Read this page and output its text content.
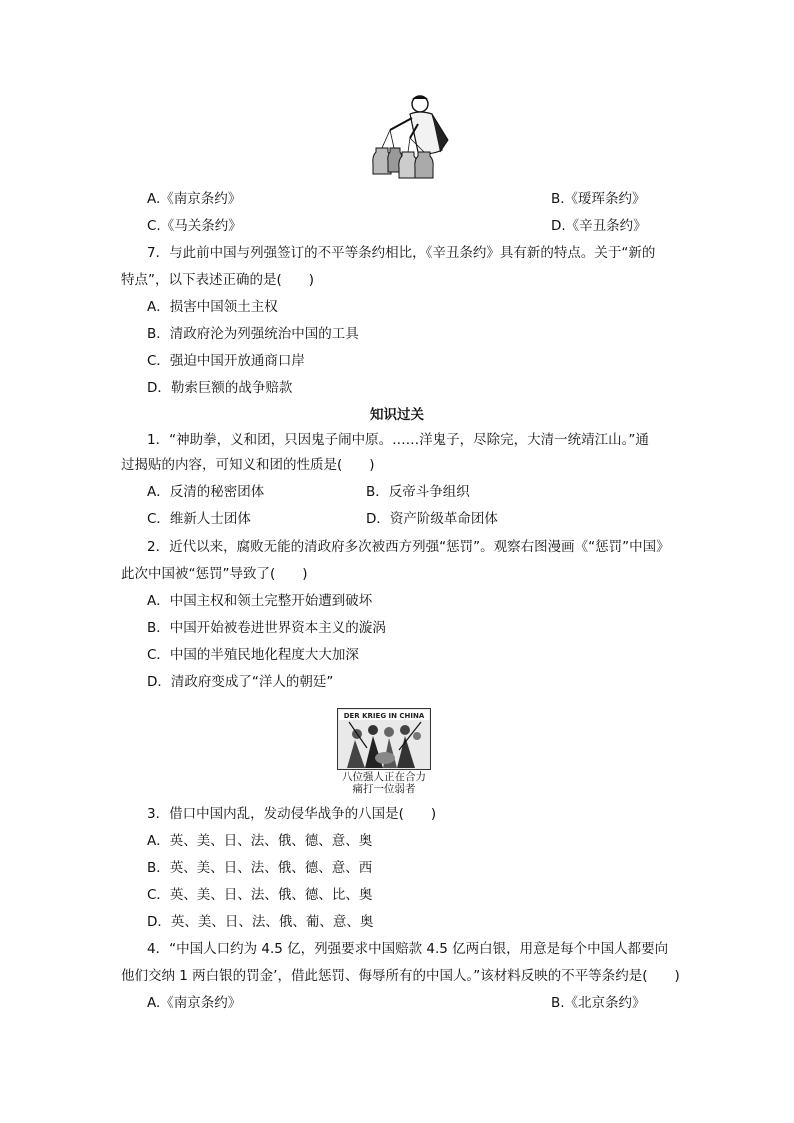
A.《南京条约》	B.《瑷珲条约》
C.《马关条约》	D.《辛丑条约》
7．与此前中国与列强签订的不平等条约相比，《辛丑条约》具有新的特点。关于“新的
特点”，以下表述正确的是(　　)
A．损害中国领土主权
B．清政府沦为列强统治中国的工具
C．强迫中国开放通商口岸
D．勒索巨额的战争赔款
知识过关
1．“神助拳，义和团，只因鬼子闹中原。……洋鬼子，尽除完，大清一统靖江山。”通
过揭贴的内容，可知义和团的性质是(　　)
A．反清的秘密团体	B．反帝斗争组织
C．维新人士团体	D．资产阶级革命团体
2．近代以来，腐败无能的清政府多次被西方列强“惩罚”。观察右图漫画《“惩罚”中国》
此次中国被“惩罚”导致了(　　)
A．中国主权和领土完整开始遭到破坏
B．中国开始被卷进世界资本主义的漩涡
C．中国的半殖民地化程度大大加深
D．清政府变成了“洋人的朝廷”
DER KRIEG IN CHINA
八位强人正在合力
痛打一位弱者
3．借口中国内乱，发动侵华战争的八国是(　　)
A．英、美、日、法、俄、德、意、奥
B．英、美、日、法、俄、德、意、西
C．英、美、日、法、俄、德、比、奥
D．英、美、日、法、俄、葡、意、奥
4．“中国人口约为 4.5 亿，列强要求中国赔款 4.5 亿两白银，用意是每个中国人都要向
他们交纳 1 两白银的罚金’，借此惩罚、侮辱所有的中国人。”该材料反映的不平等条约是(　　)
A.《南京条约》	B.《北京条约》
